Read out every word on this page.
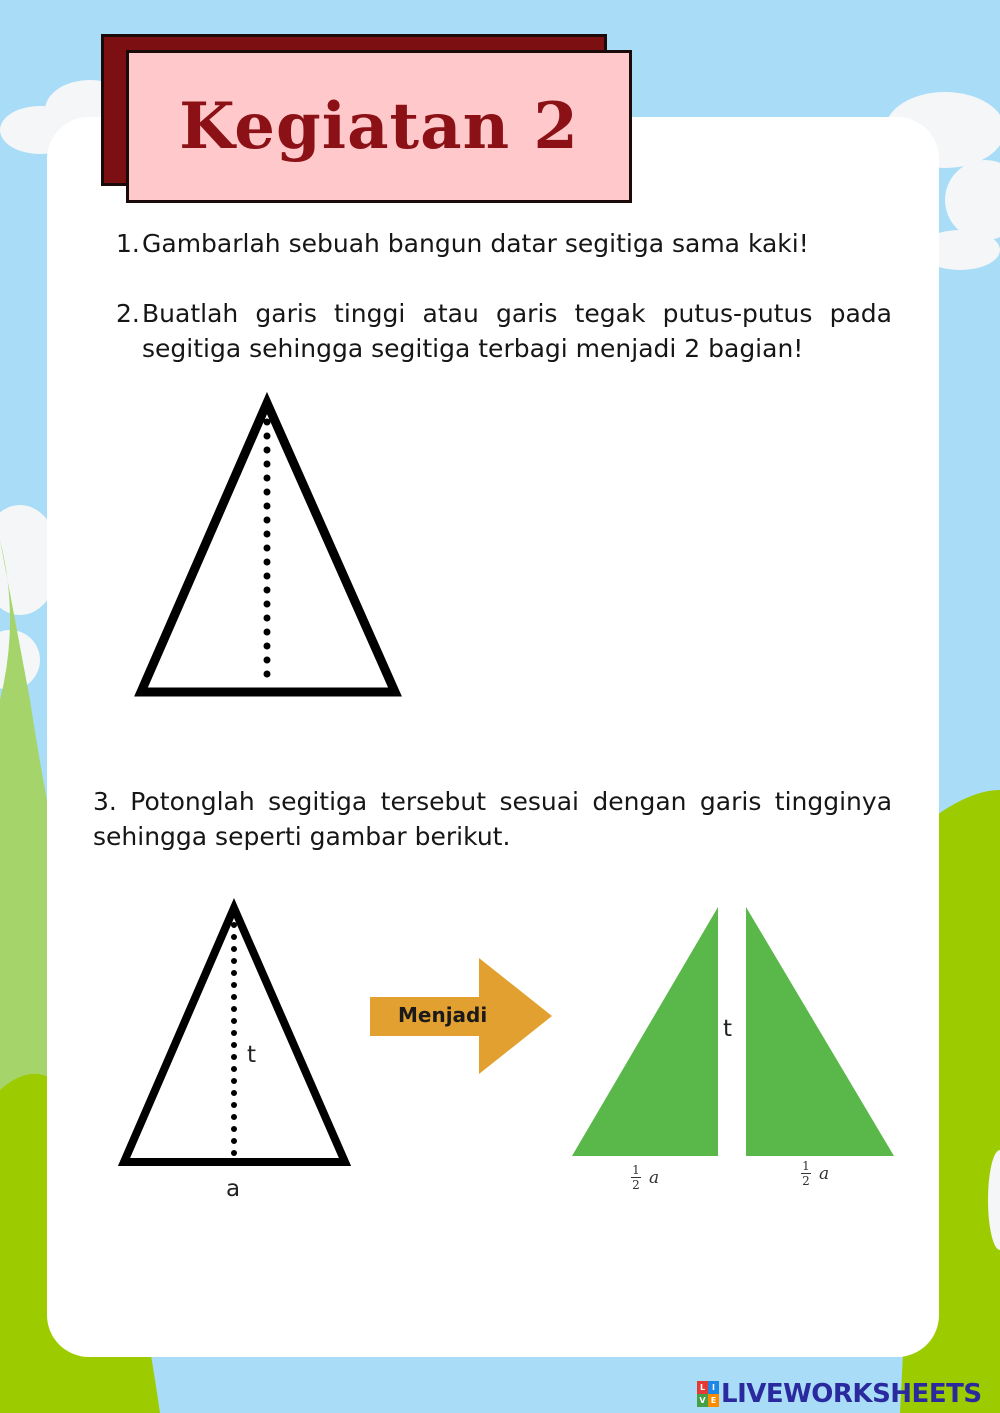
Kegiatan 2
1. Gambarlah sebuah bangun datar segitiga sama kaki!
2. Buatlah garis tinggi atau garis tegak putus-putus pada segitiga sehingga segitiga terbagi menjadi 2 bagian!
3. Potonglah segitiga tersebut sesuai dengan garis tingginya sehingga seperti gambar berikut.
Menjadi
t
a
t
$\frac{1}{2}$ a	$\frac{1}{2}$ a
L I
V E LIVEWORKSHEETS
